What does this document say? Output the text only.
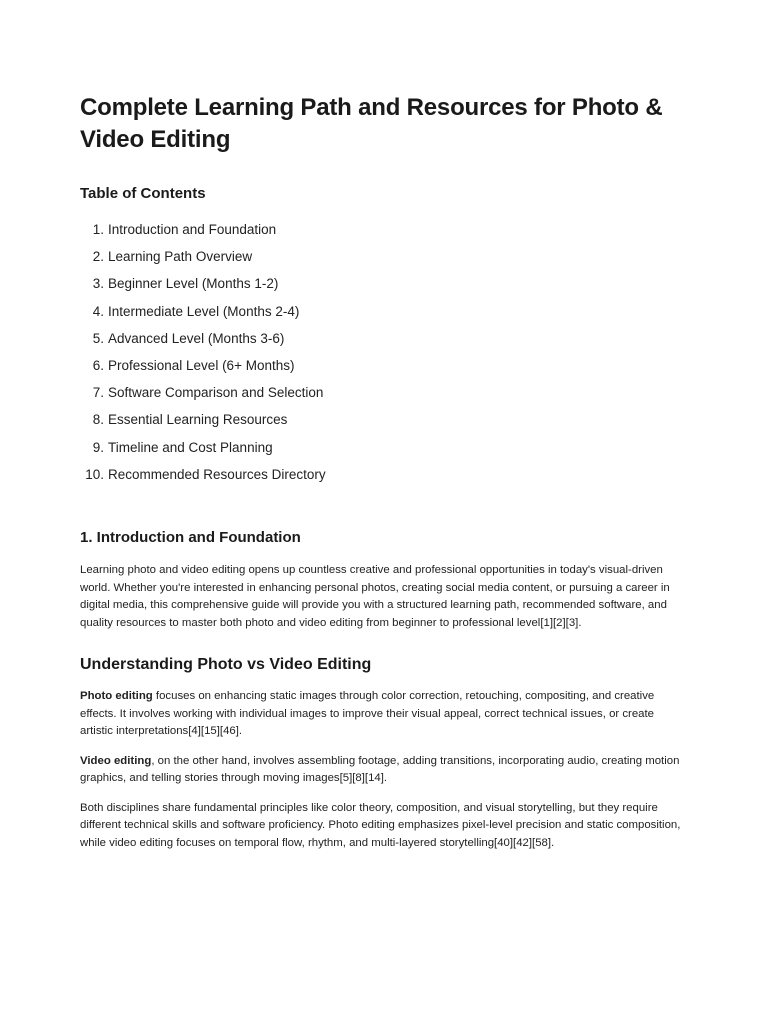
Complete Learning Path and Resources for Photo & Video Editing
Table of Contents
1. Introduction and Foundation
2. Learning Path Overview
3. Beginner Level (Months 1-2)
4. Intermediate Level (Months 2-4)
5. Advanced Level (Months 3-6)
6. Professional Level (6+ Months)
7. Software Comparison and Selection
8. Essential Learning Resources
9. Timeline and Cost Planning
10. Recommended Resources Directory
1. Introduction and Foundation

Learning photo and video editing opens up countless creative and professional opportunities in today's visual-driven world. Whether you're interested in enhancing personal photos, creating social media content, or pursuing a career in digital media, this comprehensive guide will provide you with a structured learning path, recommended software, and quality resources to master both photo and video editing from beginner to professional level[1][2][3].

Understanding Photo vs Video Editing

Photo editing focuses on enhancing static images through color correction, retouching, compositing, and creative effects. It involves working with individual images to improve their visual appeal, correct technical issues, or create artistic interpretations[4][15][46].

Video editing, on the other hand, involves assembling footage, adding transitions, incorporating audio, creating motion graphics, and telling stories through moving images[5][8][14].

Both disciplines share fundamental principles like color theory, composition, and visual storytelling, but they require different technical skills and software proficiency. Photo editing emphasizes pixel-level precision and static composition, while video editing focuses on temporal flow, rhythm, and multi-layered storytelling[40][42][58].
